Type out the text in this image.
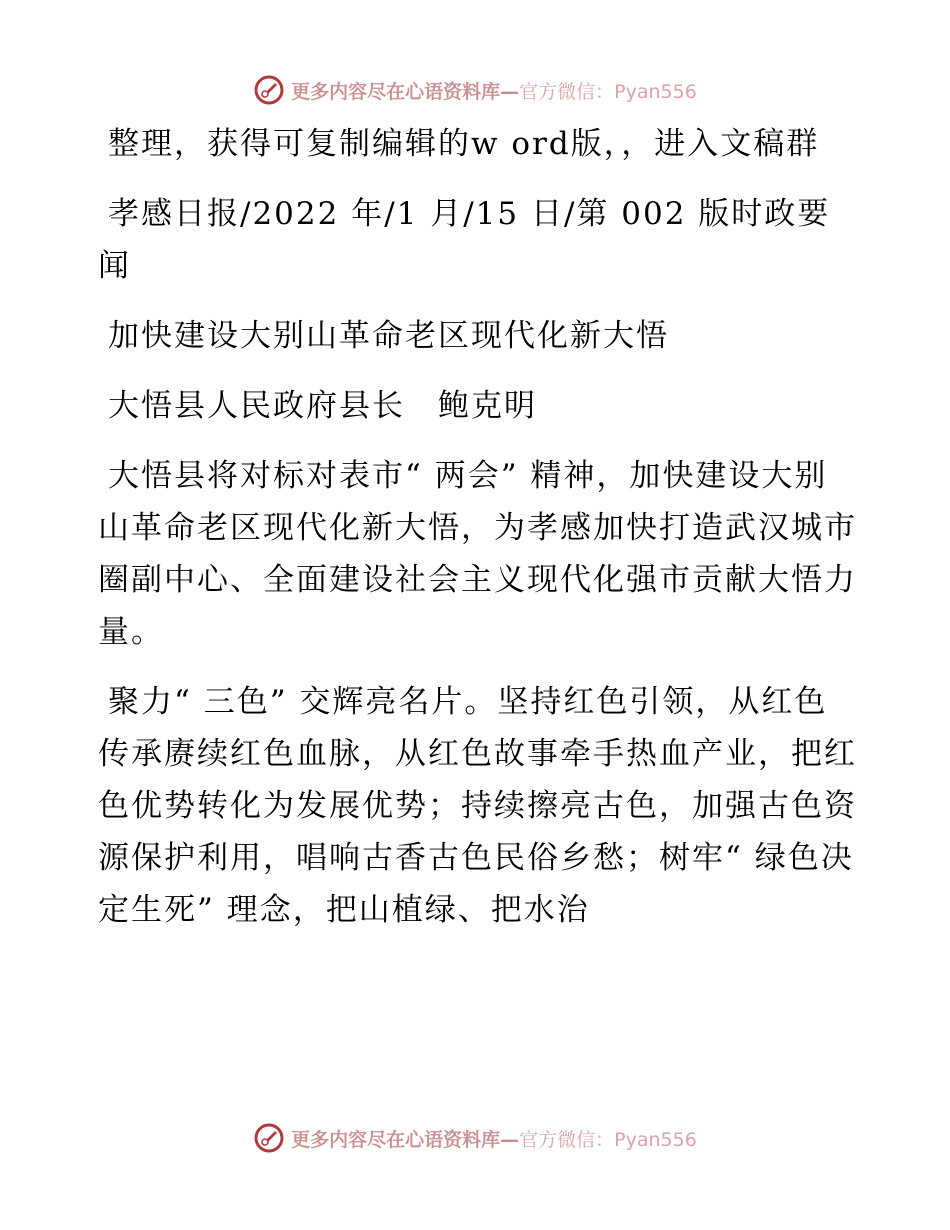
更多内容尽在心语资料库— 官方微信：Pyan556

整理，获得可复制编辑的w ord版，，进入文稿群

孝感日报/2022 年/1 月/15 日/第 002 版时政要闻

加快建设大别山革命老区现代化新大悟

大悟县人民政府县长　鲍克明

大悟县将对标对表市“ 两会” 精神，加快建设大别山革命老区现代化新大悟，为孝感加快打造武汉城市圈副中心、全面建设社会主义现代化强市贡献大悟力量。

聚力“ 三色” 交辉亮名片。坚持红色引领，从红色传承赓续红色血脉，从红色故事牵手热血产业，把红色优势转化为发展优势；持续擦亮古色，加强古色资源保护利用，唱响古香古色民俗乡愁；树牢“ 绿色决定生死” 理念，把山植绿、把水治

更多内容尽在心语资料库— 官方微信：Pyan556
